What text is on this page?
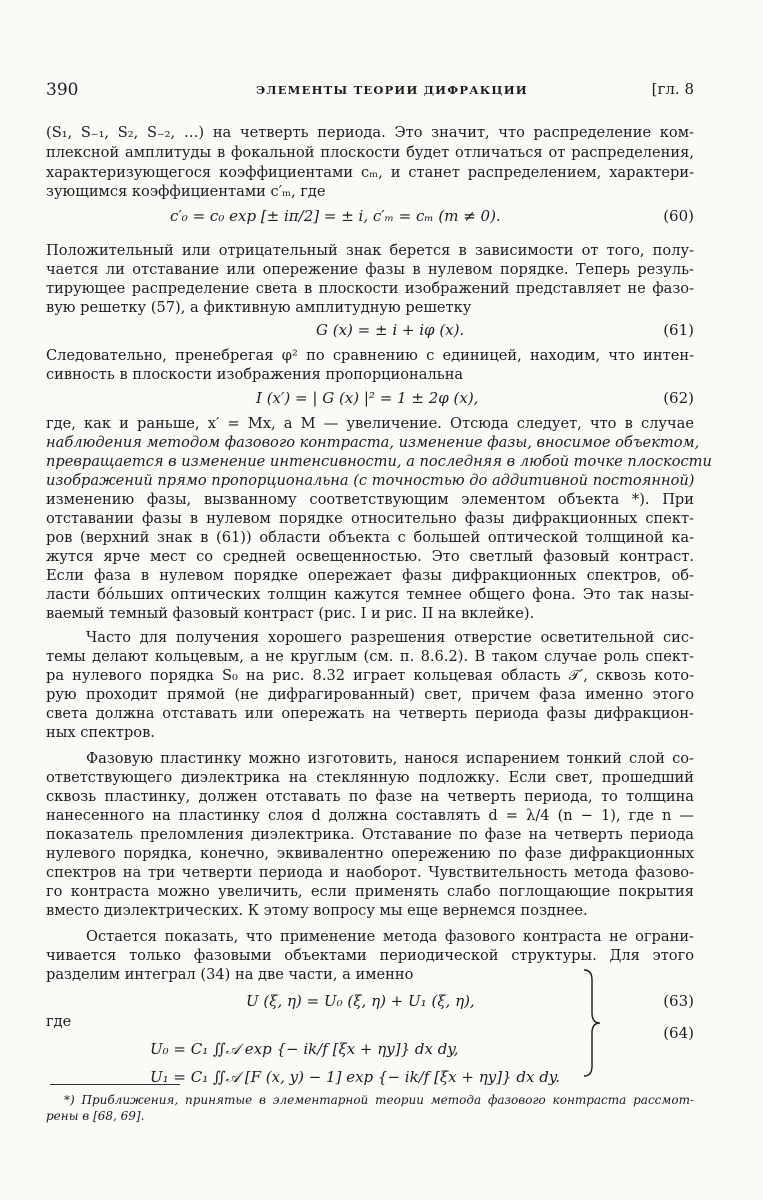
390	ЭЛЕМЕНТЫ ТЕОРИИ ДИФРАКЦИИ	[гл. 8
(S₁, S₋₁, S₂, S₋₂, …) на четверть периода. Это значит, что распределение ком-
плексной амплитуды в фокальной плоскости будет отличаться от распределения,
характеризующегося коэффициентами cₘ, и станет распределением, характери-
зующимся коэффициентами c′ₘ, где
c′₀ = c₀ exp [± iπ/2] = ± i, c′ₘ = cₘ (m ≠ 0).	(60)
Положительный или отрицательный знак берется в зависимости от того, полу-
чается ли отставание или опережение фазы в нулевом порядке. Теперь резуль-
тирующее распределение света в плоскости изображений представляет не фазо-
вую решетку (57), а фиктивную амплитудную решетку
G (x) = ± i + iφ (x).	(61)
Следовательно, пренебрегая φ² по сравнению с единицей, находим, что интен-
сивность в плоскости изображения пропорциональна
I (x′) = | G (x) |² = 1 ± 2φ (x),	(62)
где, как и раньше, x′ = Mx, а M — увеличение. Отсюда следует, что в случае
наблюдения методом фазового контраста, изменение фазы, вносимое объектом,
превращается в изменение интенсивности, а последняя в любой точке плоскости
изображений прямо пропорциональна (с точностью до аддитивной постоянной)
изменению фазы, вызванному соответствующим элементом объекта *). При
отставании фазы в нулевом порядке относительно фазы дифракционных спект-
ров (верхний знак в (61)) области объекта с большей оптической толщиной ка-
жутся ярче мест со средней освещенностью. Это светлый фазовый контраст.
Если фаза в нулевом порядке опережает фазы дифракционных спектров, об-
ласти бóльших оптических толщин кажутся темнее общего фона. Это так назы-
ваемый темный фазовый контраст (рис. I и рис. II на вклейке).
Часто для получения хорошего разрешения отверстие осветительной сис-
темы делают кольцевым, а не круглым (см. п. 8.6.2). В таком случае роль спект-
ра нулевого порядка S₀ на рис. 8.32 играет кольцевая область 𝒯′, сквозь кото-
рую проходит прямой (не дифрагированный) свет, причем фаза именно этого
света должна отставать или опережать на четверть периода фазы дифракцион-
ных спектров.
Фазовую пластинку можно изготовить, нанося испарением тонкий слой со-
ответствующего диэлектрика на стеклянную подложку. Если свет, прошедший
сквозь пластинку, должен отставать по фазе на четверть периода, то толщина
нанесенного на пластинку слоя d должна составлять d = λ/4 (n − 1), где n —
показатель преломления диэлектрика. Отставание по фазе на четверть периода
нулевого порядка, конечно, эквивалентно опережению по фазе дифракционных
спектров на три четверти периода и наоборот. Чувствительность метода фазово-
го контраста можно увеличить, если применять слабо поглощающие покрытия
вместо диэлектрических. К этому вопросу мы еще вернемся позднее.
Остается показать, что применение метода фазового контраста не ограни-
чивается только фазовыми объектами периодической структуры. Для этого
разделим интеграл (34) на две части, а именно
U (ξ, η) = U₀ (ξ, η) + U₁ (ξ, η),	(63)
где
U₀ = C₁ ∬𝒜 exp {− ik/f [ξx + ηy]} dx dy,
U₁ = C₁ ∬𝒜 [F (x, y) − 1] exp {− ik/f [ξx + ηy]} dx dy.
(64)
*) Приближения, принятые в элементарной теории метода фазового контраста рассмот-
рены в [68, 69].
